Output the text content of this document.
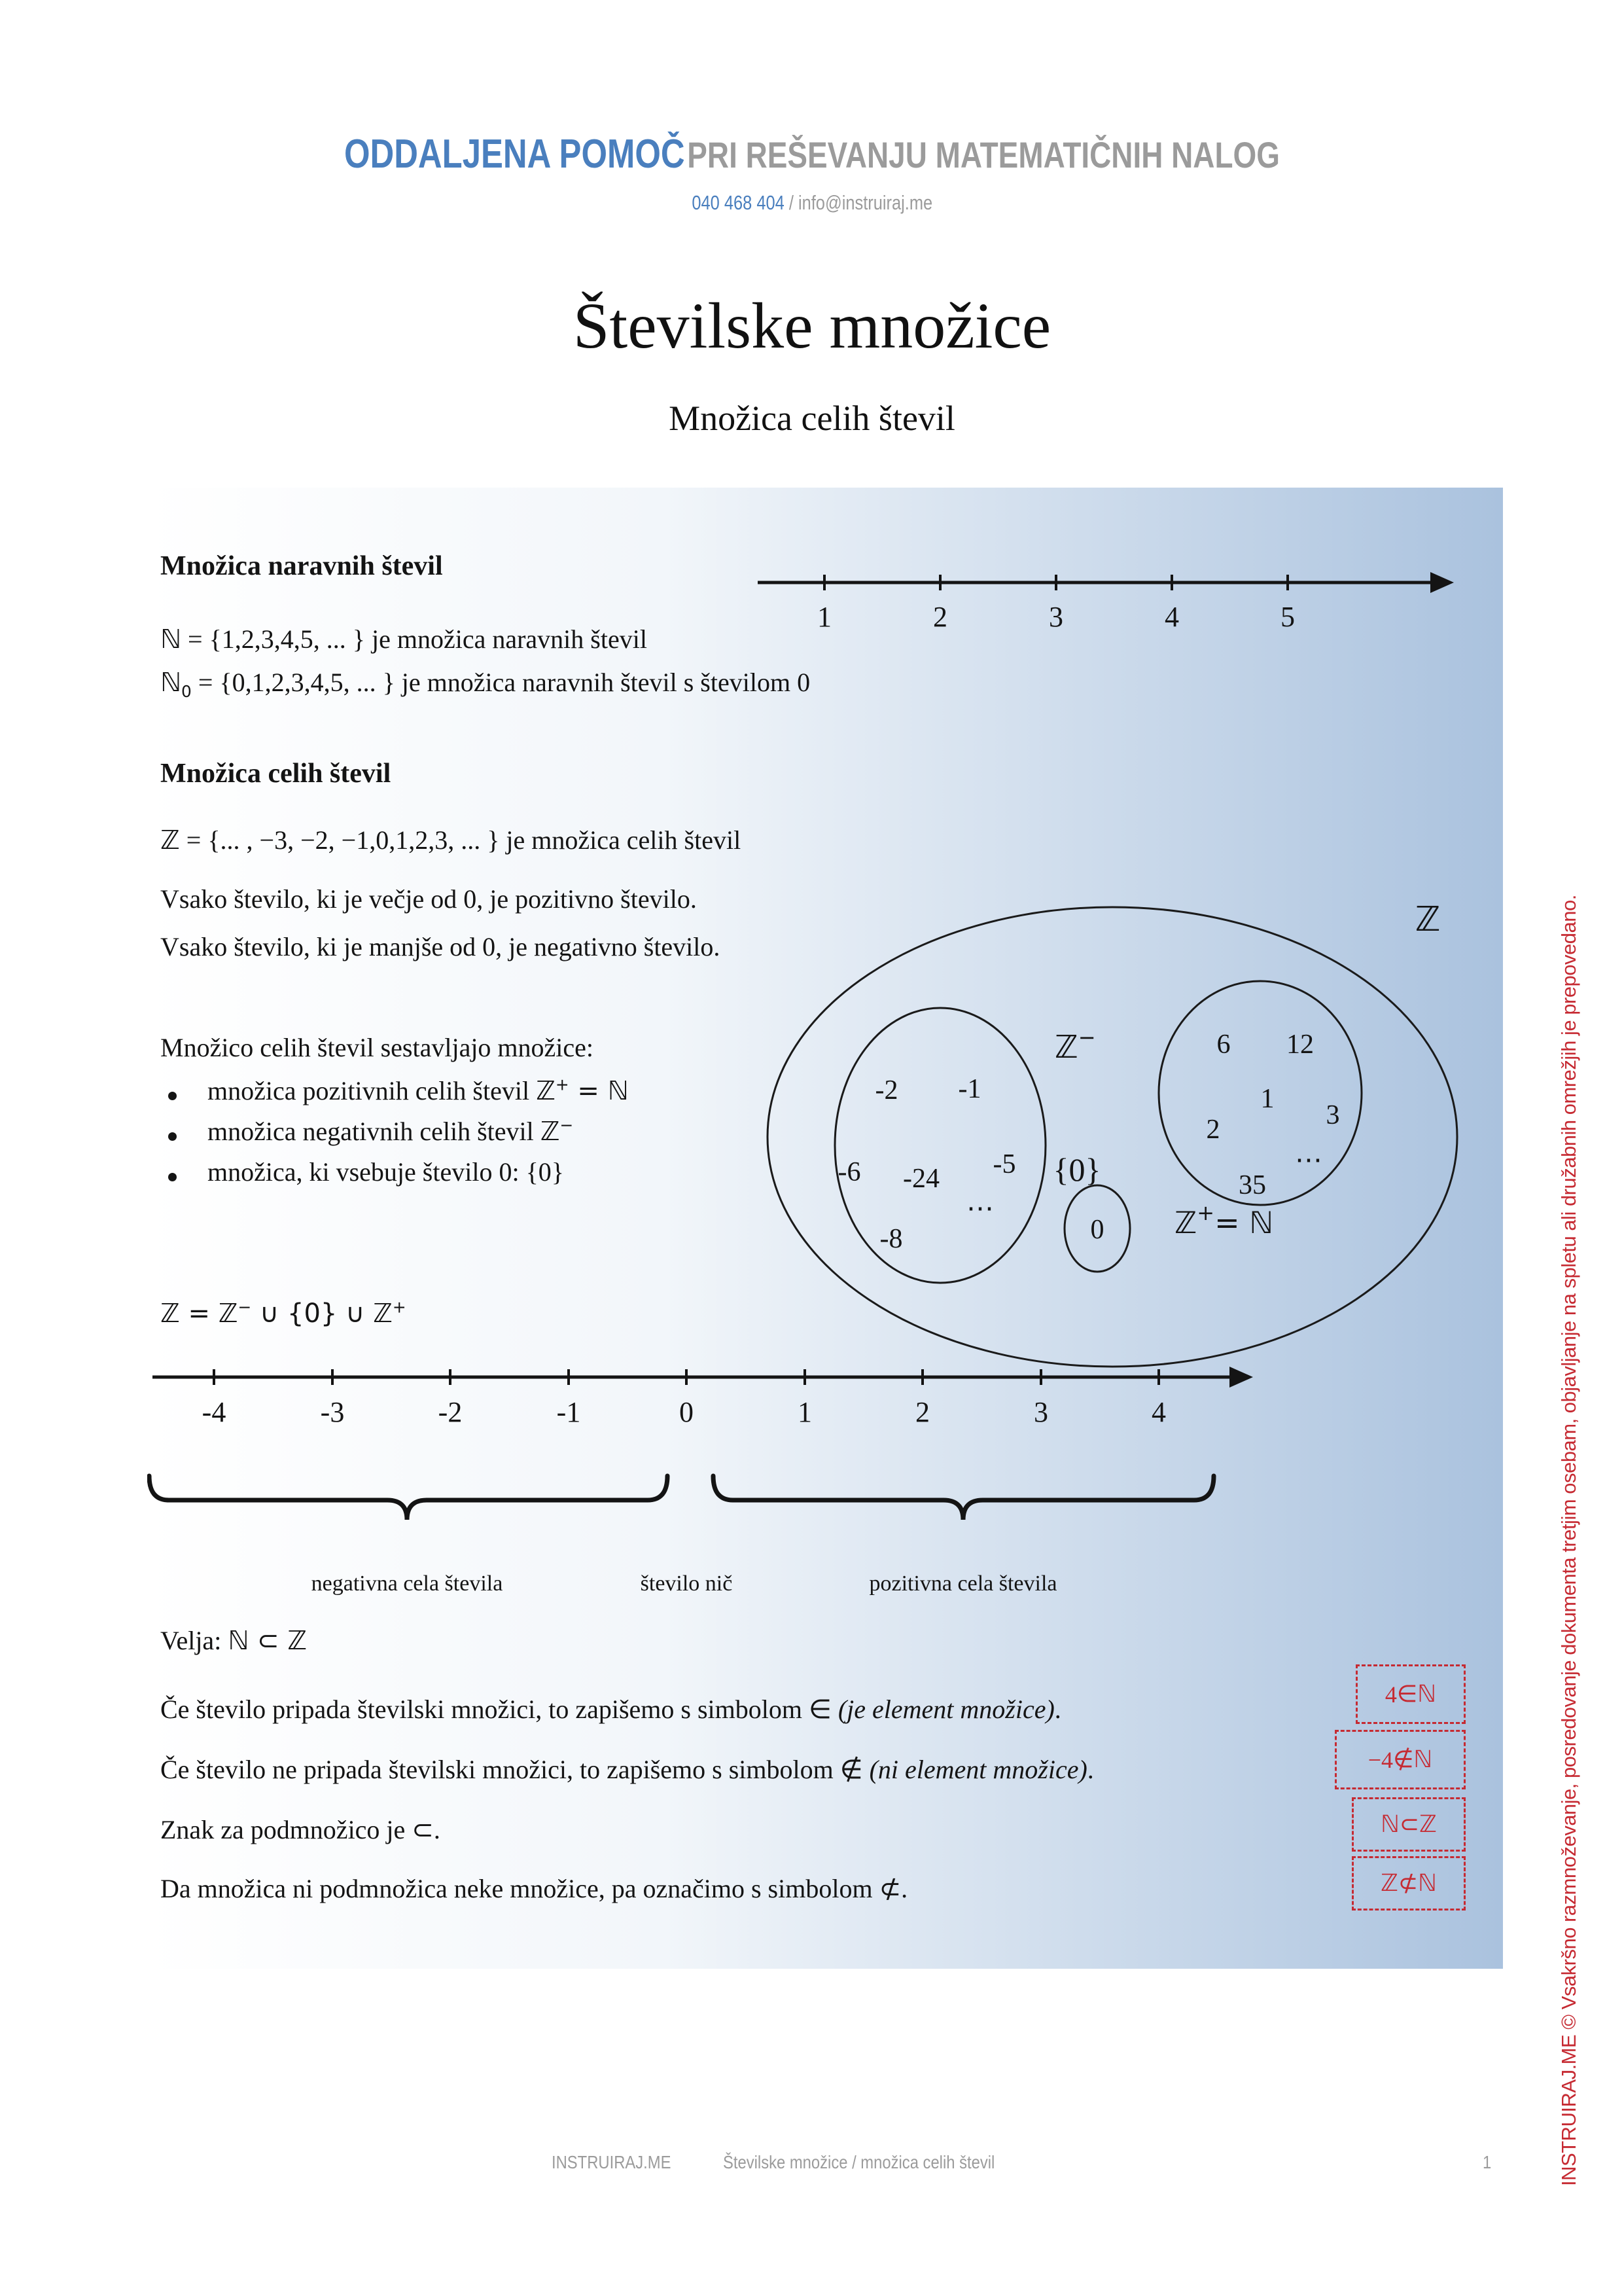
ODDALJENA POMOČ PRI REŠEVANJU MATEMATIČNIH NALOG
040 468 404 / info@instruiraj.me
Številske množice
Množica celih števil
Množica naravnih števil
1	2	3	4	5
ℕ = {1,2,3,4,5, ... } je množica naravnih števil
ℕ$_0$ = {0,1,2,3,4,5, ... } je množica naravnih števil s številom 0
Množica celih števil
ℤ = {... , −3, −2, −1,0,1,2,3, ... } je množica celih števil
Vsako število, ki je večje od 0, je pozitivno število.
Vsako število, ki je manjše od 0, je negativno število.
Množico celih števil sestavljajo množice:
množica pozitivnih celih števil ℤ+ = ℕ
množica negativnih celih števil ℤ−
množica, ki vsebuje število 0: {0}
ℤ = ℤ− ∪ {0} ∪ ℤ+
ℤ
ℤ−
-2 -1
-6 -24 -5
⋯
-8
6 12
1
2	3
35
⋯
{0}
0 ℤ+= ℕ
-4	-3	-2	-1	0	1	2	3	4
negativna cela števila	število nič	pozitivna cela števila
Velja: ℕ ⊂ ℤ
Če število pripada številski množici, to zapišemo s simbolom ∈ (je element množice).
Če število ne pripada številski množici, to zapišemo s simbolom ∉ (ni element množice).
Znak za podmnožico je ⊂.
Da množica ni podmnožica neke množice, pa označimo s simbolom ⊄.
4 ∈ ℕ
−4 ∉ ℕ
ℕ ⊂ ℤ
ℤ ⊄ ℕ	INSTRUIRAJ.ME © Vsakršno razmnoževanje, posredovanje dokumenta tretjim osebam, objavljanje na spletu ali družabnih omrežjih je prepovedano.
INSTRUIRAJ.ME	Številske množice / množica celih števil	1
